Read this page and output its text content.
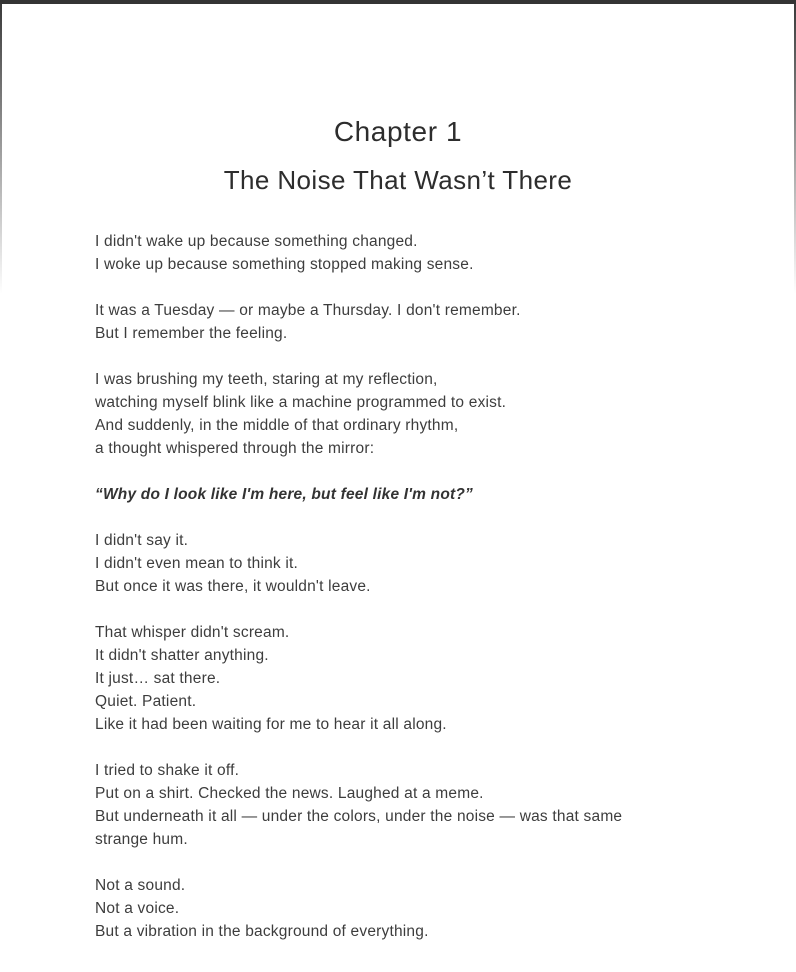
Chapter 1
The Noise That Wasn’t There

I didn't wake up because something changed.
I woke up because something stopped making sense.

It was a Tuesday — or maybe a Thursday. I don't remember.
But I remember the feeling.

I was brushing my teeth, staring at my reflection,
watching myself blink like a machine programmed to exist.
And suddenly, in the middle of that ordinary rhythm,
a thought whispered through the mirror:

“Why do I look like I'm here, but feel like I'm not?”

I didn't say it.
I didn't even mean to think it.
But once it was there, it wouldn't leave.

That whisper didn't scream.
It didn't shatter anything.
It just… sat there.
Quiet. Patient.
Like it had been waiting for me to hear it all along.

I tried to shake it off.
Put on a shirt. Checked the news. Laughed at a meme.
But underneath it all — under the colors, under the noise — was that same
strange hum.

Not a sound.
Not a voice.
But a vibration in the background of everything.
